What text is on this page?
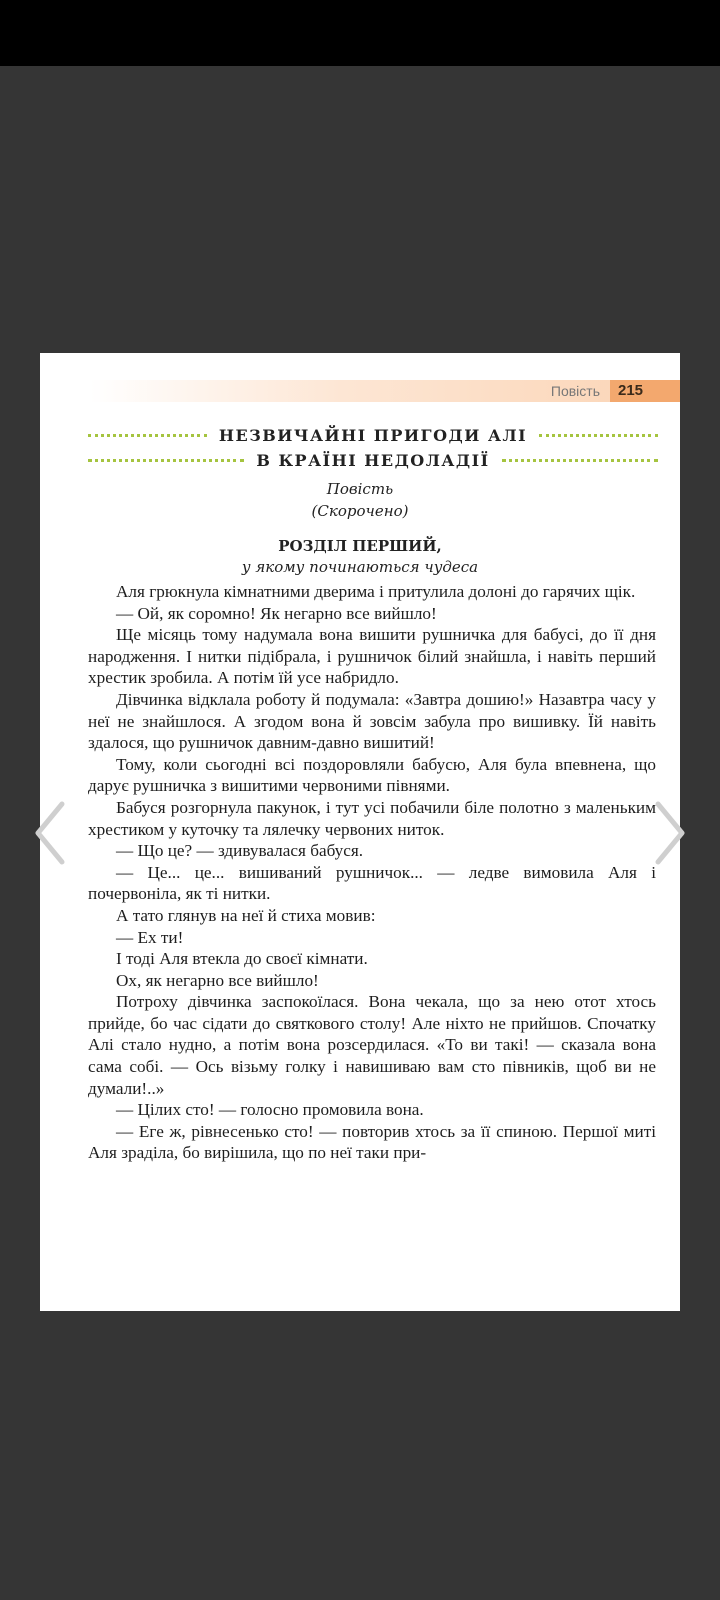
Повість	215
НЕЗВИЧАЙНІ ПРИГОДИ АЛІ
В КРАЇНІ НЕДОЛАДІЇ
Повість
(Скорочено)
РОЗДІЛ ПЕРШИЙ,
у якому починаються чудеса

Аля грюкнула кімнатними дверима і притулила долоні до гарячих щік.

— Ой, як соромно! Як негарно все вийшло!

Ще місяць тому надумала вона вишити рушничка для бабусі, до її дня народження. І нитки підібрала, і рушничок білий знайшла, і навіть перший хрестик зробила. А потім їй усе набридло.

Дівчинка відклала роботу й подумала: «Завтра дошию!» Назавтра часу у неї не знайшлося. А згодом вона й зовсім забула про вишивку. Їй навіть здалося, що рушничок давним-давно вишитий!

Тому, коли сьогодні всі поздоровляли бабусю, Аля була впевнена, що дарує рушничка з вишитими червоними півнями.

Бабуся розгорнула пакунок, і тут усі побачили біле полотно з маленьким хрестиком у куточку та лялечку червоних ниток.

— Що це? — здивувалася бабуся.

— Це... це... вишиваний рушничок... — ледве вимовила Аля і почервоніла, як ті нитки.

А тато глянув на неї й стиха мовив:

— Ех ти!

І тоді Аля втекла до своєї кімнати.

Ох, як негарно все вийшло!

Потроху дівчинка заспокоїлася. Вона чекала, що за нею отот хтось прийде, бо час сідати до святкового столу! Але ніхто не прийшов. Спочатку Алі стало нудно, а потім вона розсердилася. «То ви такі! — сказала вона сама собі. — Ось візьму голку і навишиваю вам сто півників, щоб ви не думали!..»

— Цілих сто! — голосно промовила вона.

— Еге ж, рівнесенько сто! — повторив хтось за її спиною. Першої миті Аля зраділа, бо вирішила, що по неї таки при-
